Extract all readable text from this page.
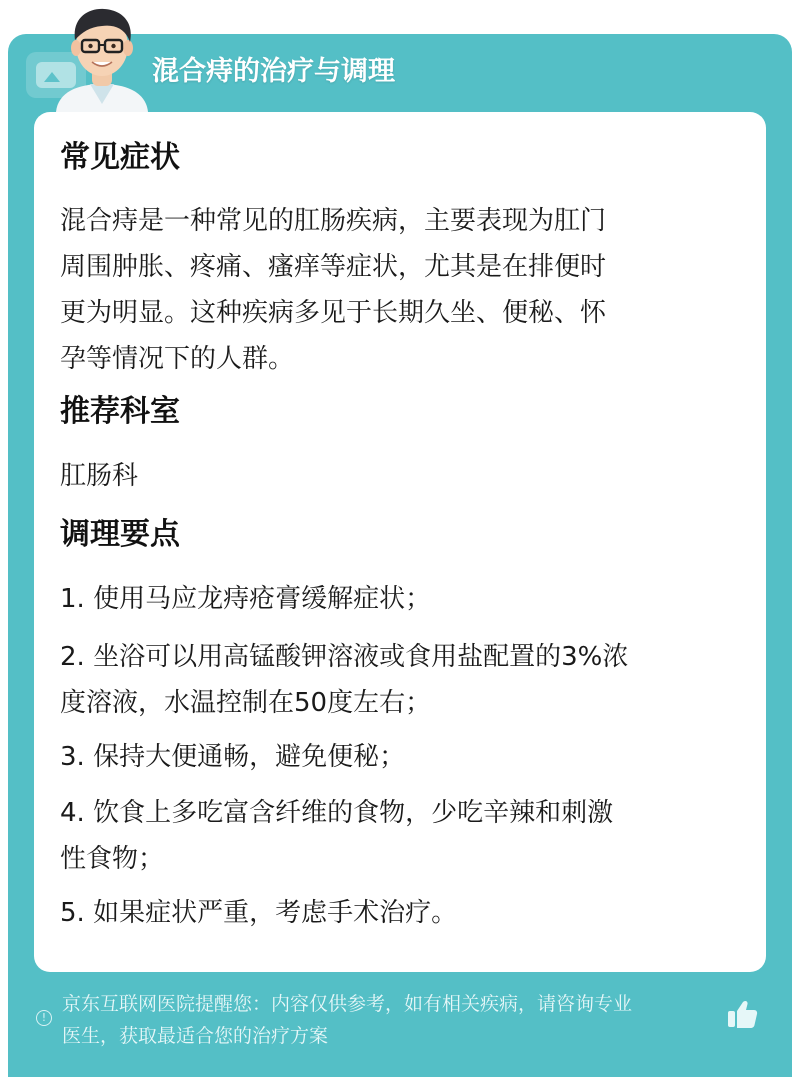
混合痔的治疗与调理
常见症状
混合痔是一种常见的肛肠疾病，主要表现为肛门
周围肿胀、疼痛、瘙痒等症状，尤其是在排便时
更为明显。这种疾病多见于长期久坐、便秘、怀
孕等情况下的人群。
推荐科室
肛肠科
调理要点
1. 使用马应龙痔疮膏缓解症状；
2. 坐浴可以用高锰酸钾溶液或食用盐配置的3%浓
度溶液，水温控制在50度左右；
3. 保持大便通畅，避免便秘；
4. 饮食上多吃富含纤维的食物，少吃辛辣和刺激
性食物；
5. 如果症状严重，考虑手术治疗。
!
京东互联网医院提醒您：内容仅供参考，如有相关疾病，请咨询专业
医生，获取最适合您的治疗方案
